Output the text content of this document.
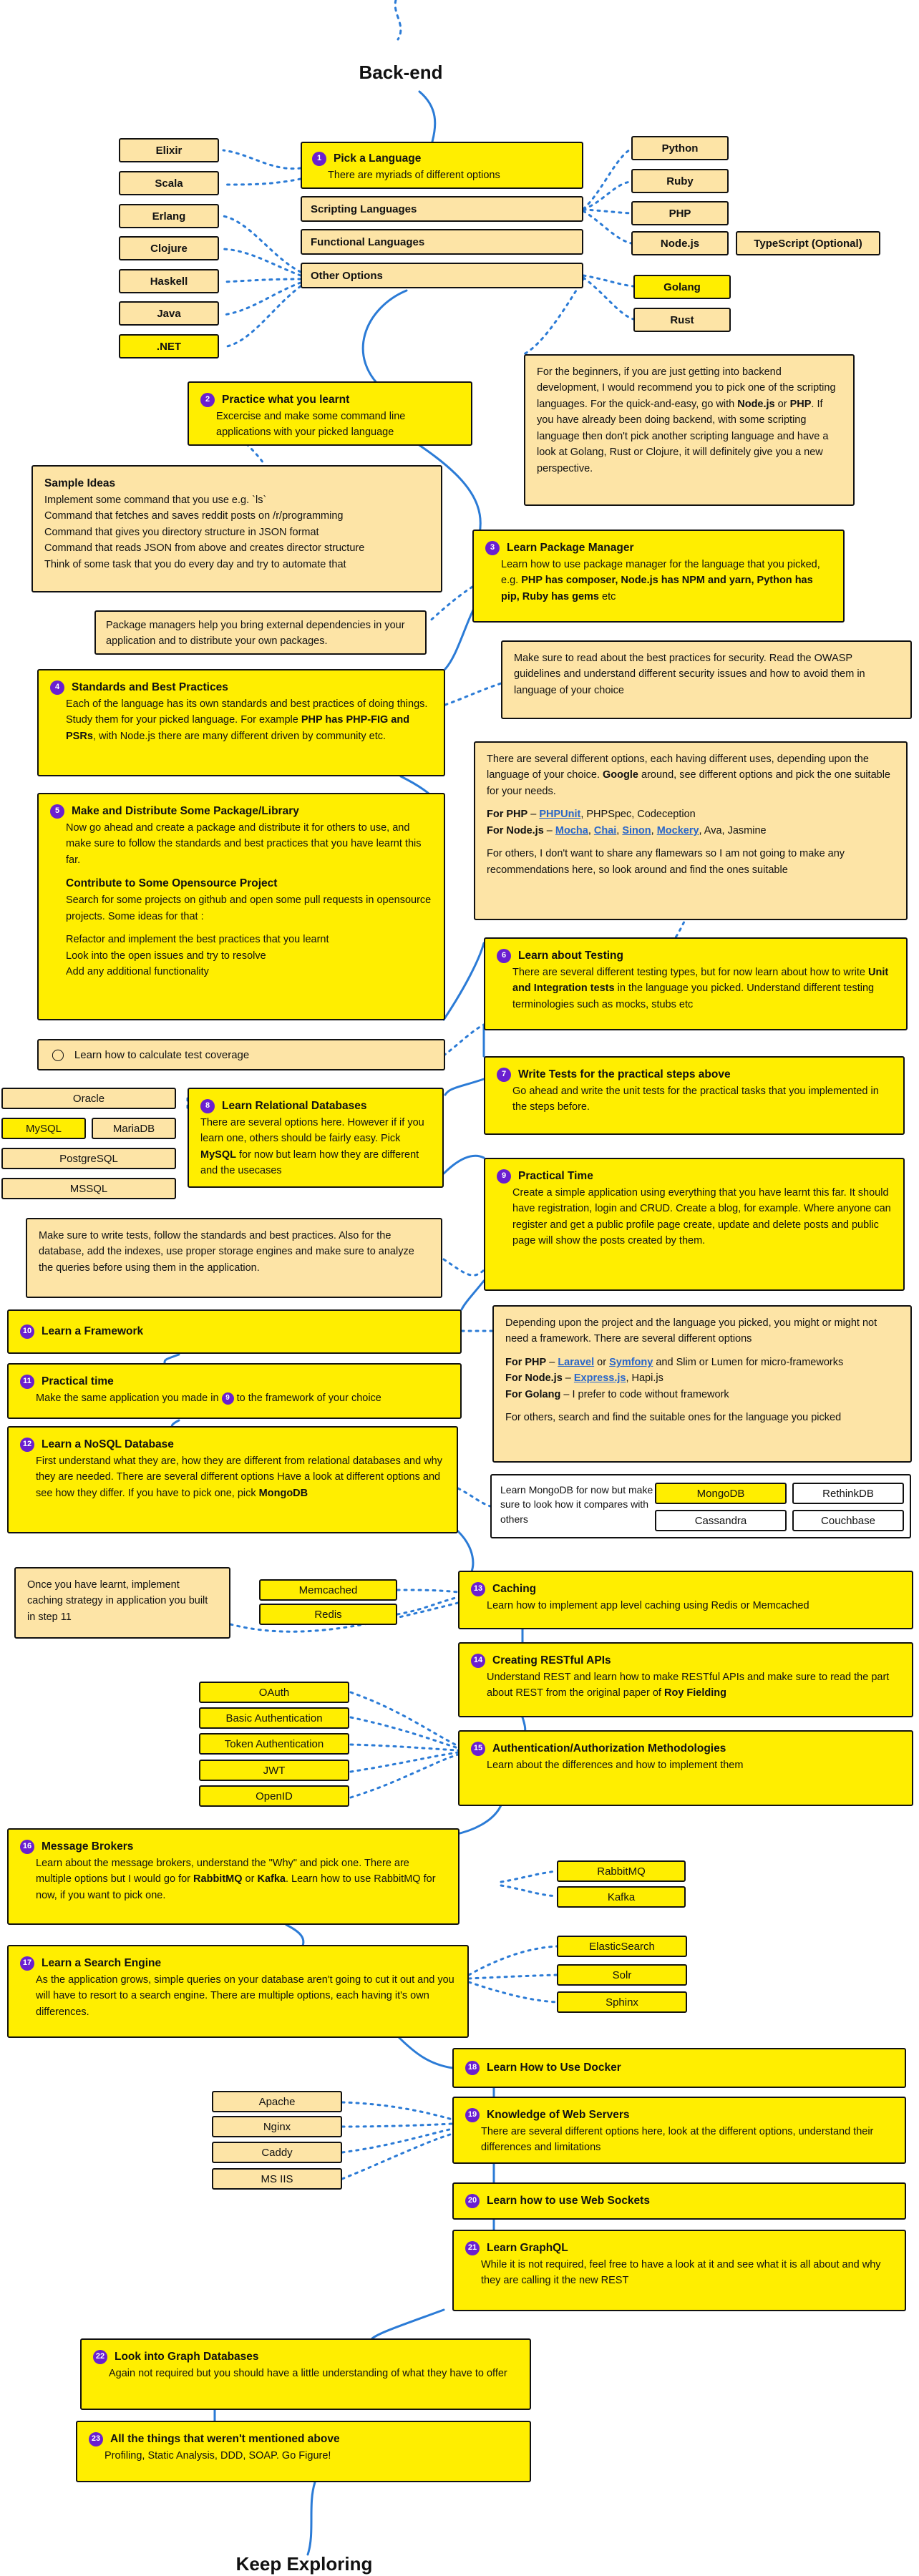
Back-end
Keep Exploring
Elixir
Scala
Erlang
Clojure
Haskell
Java
.NET
1	Pick a Language

There are myriads of different options

Scripting Languages
Functional Languages
Other Options
Python
Ruby
PHP
Node.js	TypeScript (Optional)
Golang
Rust

For the beginners, if you are just getting into backend development, I would recommend you to pick one of the scripting languages. For the quick-and-easy, go with Node.js or PHP. If you have already been doing backend, with some scripting language then don't pick another scripting language and have a look at Golang, Rust or Clojure, it will definitely give you a new perspective.

2	Practice what you learnt

Excercise and make some command line applications with your picked language

Sample Ideas

Implement some command that you use e.g. `ls`

Command that fetches and saves reddit posts on /r/programming

Command that gives you directory structure in JSON format

Command that reads JSON from above and creates director structure

Think of some task that you do every day and try to automate that

3	Learn Package Manager

Learn how to use package manager for the language that you picked, e.g. PHP has composer, Node.js has NPM and yarn, Python has pip, Ruby has gems etc

Package managers help you bring external dependencies in your application and to distribute your own packages.
Make sure to read about the best practices for security. Read the OWASP guidelines and understand different security issues and how to avoid them in language of your choice
4	Standards and Best Practices

Each of the language has its own standards and best practices of doing things. Study them for your picked language. For example PHP has PHP-FIG and PSRs, with Node.js there are many different driven by community etc.

There are several different options, each having different uses, depending upon the language of your choice. Google around, see different options and pick the one suitable for your needs.

For PHP – PHPUnit, PHPSpec, Codeception

For Node.js – Mocha, Chai, Sinon, Mockery, Ava, Jasmine

For others, I don't want to share any flamewars so I am not going to make any recommendations here, so look around and find the ones suitable

5	Make and Distribute Some Package/Library

Now go ahead and create a package and distribute it for others to use, and make sure to follow the standards and best practices that you have learnt this far.

Contribute to Some Opensource Project

Search for some projects on github and open some pull requests in opensource projects. Some ideas for that :

Refactor and implement the best practices that you learnt

Look into the open issues and try to resolve

Add any additional functionality

6	Learn about Testing

There are several different testing types, but for now learn about how to write Unit and Integration tests in the language you picked. Understand different testing terminologies such as mocks, stubs etc

◯ Learn how to calculate test coverage
7	Write Tests for the practical steps above

Go ahead and write the unit tests for the practical tasks that you implemented in the steps before.

Oracle
MySQL	MariaDB
PostgreSQL
MSSQL
8	Learn Relational Databases

There are several options here. However if if you learn one, others should be fairly easy. Pick MySQL for now but learn how they are different and the usecases	9	Practical Time

Create a simple application using everything that you have learnt this far. It should have registration, login and CRUD. Create a blog, for example. Where anyone can register and get a public profile page create, update and delete posts and public page will show the posts created by them.

Make sure to write tests, follow the standards and best practices. Also for the database, add the indexes, use proper storage engines and make sure to analyze the queries before using them in the application.
10 Learn a Framework

Depending upon the project and the language you picked, you might or might not need a framework. There are several different options

For PHP – Laravel or Symfony and Slim or Lumen for micro-frameworks

For Node.js – Express.js, Hapi.js

For Golang – I prefer to code without framework

For others, search and find the suitable ones for the language you picked

11 Practical time

Make the same application you made in 9 to the framework of your choice

12 Learn a NoSQL Database

First understand what they are, how they are different from relational databases and why they are needed. There are several different options Have a look at different options and see how they differ. If you have to pick one, pick MongoDB	Learn MongoDB for now but make sure to look how it compares with others
MongoDB	RethinkDB
Cassandra	Couchbase
Once you have learnt, implement caching strategy in application you built in step 11
Memcached
Redis
13 Caching

Learn how to implement app level caching using Redis or Memcached

14 Creating RESTful APIs

Understand REST and learn how to make RESTful APIs and make sure to read the part about REST from the original paper of Roy Fielding

OAuth
Basic Authentication
Token Authentication
JWT
OpenID
15 Authentication/Authorization Methodologies

Learn about the differences and how to implement them

16 Message Brokers

Learn about the message brokers, understand the "Why" and pick one. There are multiple options but I would go for RabbitMQ or Kafka. Learn how to use RabbitMQ for now, if you want to pick one.

RabbitMQ
Kafka
17 Learn a Search Engine

As the application grows, simple queries on your database aren't going to cut it out and you will have to resort to a search engine. There are multiple options, each having it's own differences.

ElasticSearch
Solr
Sphinx
18 Learn How to Use Docker
Apache
Nginx
Caddy
MS IIS
19 Knowledge of Web Servers

There are several different options here, look at the different options, understand their differences and limitations

20 Learn how to use Web Sockets
21 Learn GraphQL

While it is not required, feel free to have a look at it and see what it is all about and why they are calling it the new REST

22 Look into Graph Databases

Again not required but you should have a little understanding of what they have to offer

23 All the things that weren't mentioned above

Profiling, Static Analysis, DDD, SOAP. Go Figure!
